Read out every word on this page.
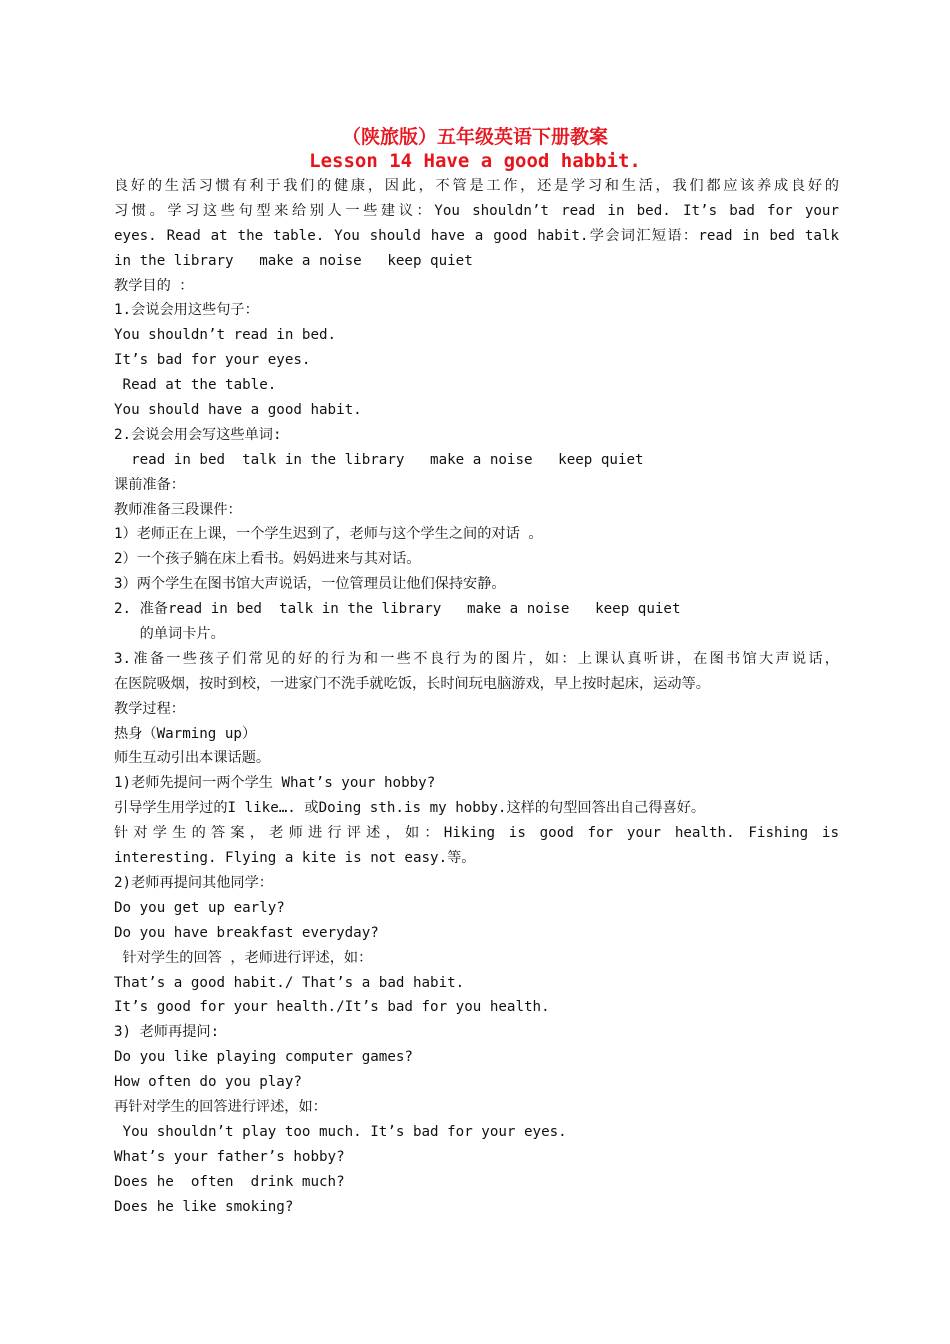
（陕旅版）五年级英语下册教案
Lesson 14 Have a good habbit.
良好的生活习惯有利于我们的健康，因此，不管是工作，还是学习和生活，我们都应该养成良好的
习惯。学习这些句型来给别人一些建议：You shouldn’t read in bed. It’s bad for your
eyes. Read at the table. You should have a good habit.学会词汇短语：read in bed talk
in the library   make a noise   keep quiet
教学目的 ：
1.会说会用这些句子：
You shouldn’t read in bed.
It’s bad for your eyes.
Read at the table.
You should have a good habit.
2.会说会用会写这些单词:
read in bed  talk in the library   make a noise   keep quiet
课前准备：
教师准备三段课件：
1）老师正在上课，一个学生迟到了，老师与这个学生之间的对话 。
2）一个孩子躺在床上看书。妈妈进来与其对话。
3）两个学生在图书馆大声说话，一位管理员让他们保持安静。
2. 准备read in bed  talk in the library   make a noise   keep quiet
的单词卡片。
3.准备一些孩子们常见的好的行为和一些不良行为的图片，如：上课认真听讲，在图书馆大声说话，
在医院吸烟，按时到校，一进家门不洗手就吃饭，长时间玩电脑游戏，早上按时起床，运动等。
教学过程：
热身（Warming up）
师生互动引出本课话题。
1)老师先提问一两个学生 What’s your hobby?
引导学生用学过的I like…. 或Doing sth.is my hobby.这样的句型回答出自己得喜好。
针对学生的答案，老师进行评述，如：Hiking is good for your health. Fishing is
interesting. Flying a kite is not easy.等。
2)老师再提问其他同学：
Do you get up early?
Do you have breakfast everyday?
针对学生的回答 ，老师进行评述，如：
That’s a good habit./ That’s a bad habit.
It’s good for your health./It’s bad for you health.
3) 老师再提问:
Do you like playing computer games?
How often do you play?
再针对学生的回答进行评述，如：
You shouldn’t play too much. It’s bad for your eyes.
What’s your father’s hobby?
Does he  often  drink much?
Does he like smoking?
